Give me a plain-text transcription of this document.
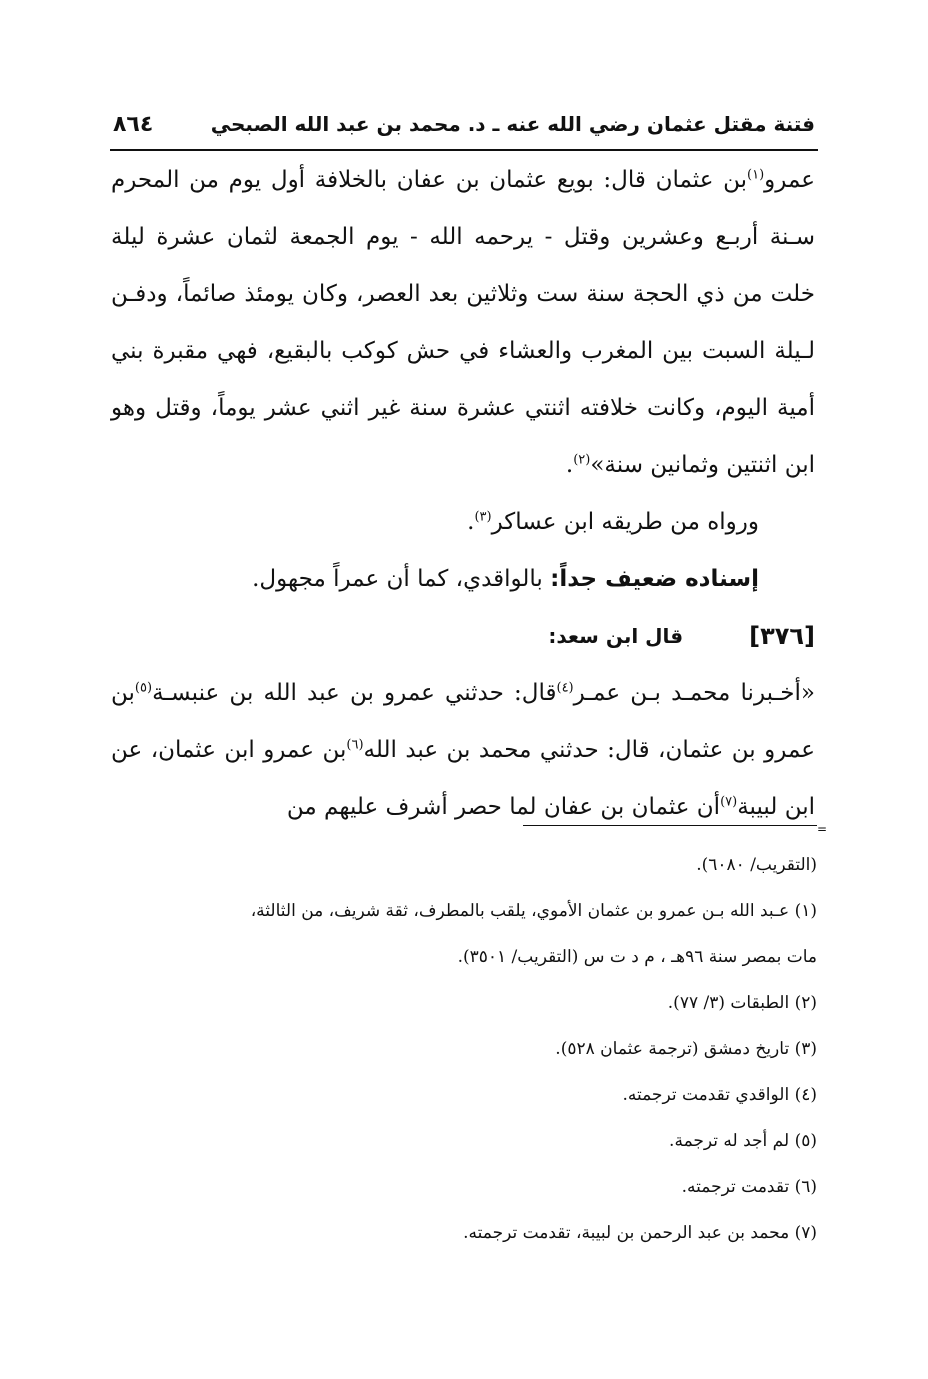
فتنة مقتل عثمان رضي الله عنه ـ د. محمد بن عبد الله الصبحي
٨٦٤

عمرو$^{(١)}$بن عثمان قال: بويع عثمان بن عفان بالخلافة أول يوم من المحرم سـنة أربـع وعشرين وقتل - يرحمه الله - يوم الجمعة لثمان عشرة ليلة خلت من ذي الحجة سنة ست وثلاثين بعد العصر، وكان يومئذ صائماً، ودفـن لـيلة السبت بين المغرب والعشاء في حش كوكب بالبقيع، فهي مقبرة بني أمية اليوم، وكانت خلافته اثنتي عشرة سنة غير اثني عشر يوماً، وقتل وهو ابن اثنتين وثمانين سنة»$^{(٢)}$.

ورواه من طريقه ابن عساكر$^{(٣)}$.

إسناده ضعيف جداً: بالواقدي، كما أن عمراً مجهول.

[٣٧٦]
قال ابن سعد:

«أخـبرنا محمـد بـن عمـر$^{(٤)}$قال: حدثني عمرو بن عبد الله بن عنبسـة$^{(٥)}$بن عمرو بن عثمان، قال: حدثني محمد بن عبد الله$^{(٦)}$بن عمرو ابن عثمان، عن ابن لبيبة$^{(٧)}$أن عثمان بن عفان لما حصر أشرف عليهم من

=

(التقريب/ ٦٠٨٠).

(١) عـبد الله بـن عمرو بن عثمان الأموي، يلقب بالمطرف، ثقة شريف، من الثالثة،
مات بمصر سنة ٩٦هـ ، م د ت س (التقريب/ ٣٥٠١).

(٢) الطبقات (٣/ ٧٧).

(٣) تاريخ دمشق (ترجمة عثمان ٥٢٨).

(٤) الواقدي تقدمت ترجمته.

(٥) لم أجد له ترجمة.

(٦) تقدمت ترجمته.

(٧) محمد بن عبد الرحمن بن لبيبة، تقدمت ترجمته.
